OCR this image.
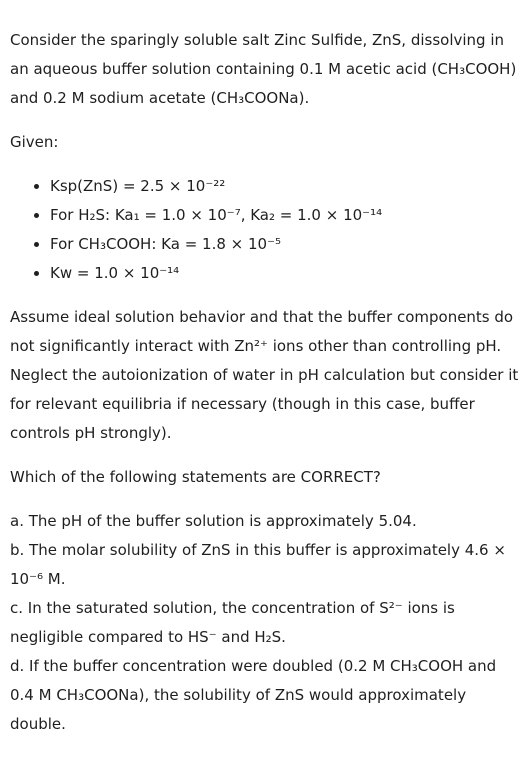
Consider the sparingly soluble salt Zinc Sulfide, ZnS, dissolving in an aqueous buffer solution containing 0.1 M acetic acid (CH₃COOH) and 0.2 M sodium acetate (CH₃COONa).

Given:

• Ksp(ZnS) = 2.5 × 10⁻²²
• For H₂S: Ka₁ = 1.0 × 10⁻⁷, Ka₂ = 1.0 × 10⁻¹⁴
• For CH₃COOH: Ka = 1.8 × 10⁻⁵
• Kw = 1.0 × 10⁻¹⁴

Assume ideal solution behavior and that the buffer components do not significantly interact with Zn²⁺ ions other than controlling pH. Neglect the autoionization of water in pH calculation but consider it for relevant equilibria if necessary (though in this case, buffer controls pH strongly).

Which of the following statements are CORRECT?

a. The pH of the buffer solution is approximately 5.04.

b. The molar solubility of ZnS in this buffer is approximately 4.6 × 10⁻⁶ M.

c. In the saturated solution, the concentration of S²⁻ ions is negligible compared to HS⁻ and H₂S.

d. If the buffer concentration were doubled (0.2 M CH₃COOH and 0.4 M CH₃COONa), the solubility of ZnS would approximately double.
